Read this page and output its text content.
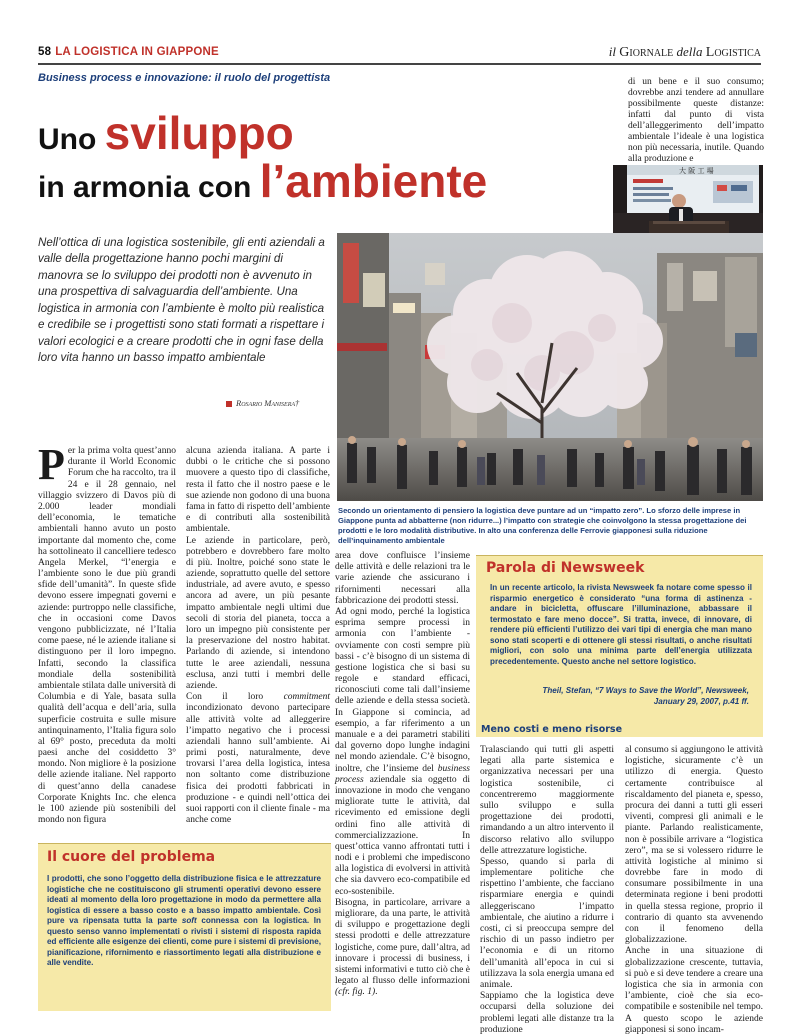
58 LA LOGISTICA IN GIAPPONE	il Giornale della Logistica
Business process e innovazione: il ruolo del progettista
Uno sviluppo
in armonia con l’ambiente
Nell’ottica di una logistica sostenibile, gli enti aziendali a valle della progettazione hanno pochi margini di manovra se lo sviluppo dei prodotti non è avvenuto in una prospettiva di salvaguardia dell’ambiente. Una logistica in armonia con l’ambiente è molto più realistica e credibile se i progettisti sono stati formati a rispettare i valori ecologici e a creare prodotti che in ogni fase della loro vita hanno un basso impatto ambientale
Rosario Manisera†
P er la prima volta quest’anno durante il World Economic Forum che ha raccolto, tra il 24 e il 28 gennaio, nel villaggio svizzero di Davos più di 2.000 leader mondiali dell’economia, le tematiche ambientali hanno avuto un posto importante dal momento che, come ha sottolineato il cancelliere tedesco Angela Merkel, “l’energia e l’ambiente sono le due più grandi sfide dell’umanità”. In queste sfide devono essere impegnati governi e aziende: purtroppo nelle classifiche, che in occasioni come Davos vengono pubblicizzate, né l’Italia come paese, né le aziende italiane si distinguono per il loro impegno. Infatti, secondo la classifica mondiale della sostenibilità ambientale stilata dalle università di Columbia e di Yale, basata sulla qualità dell’acqua e dell’aria, sulla superficie costruita e sulle misure antinquinamento, l’Italia figura solo al 69° posto, preceduta da molti paesi anche del cosiddetto 3° mondo. Non migliore è la posizione delle aziende italiane. Nel rapporto di quest’anno della canadese Corporate Knights Inc. che elenca le 100 aziende più sostenibili del mondo non figura

alcuna azienda italiana. A parte i dubbi o le critiche che si possono muovere a questo tipo di classifiche, resta il fatto che il nostro paese e le sue aziende non godono di una buona fama in fatto di rispetto dell’ambiente e di contributi alla sostenibilità ambientale.

Le aziende in particolare, però, potrebbero e dovrebbero fare molto di più. Inoltre, poiché sono state le aziende, soprattutto quelle del settore industriale, ad avere avuto, e spesso ancora ad avere, un più pesante impatto ambientale negli ultimi due secoli di storia del pianeta, tocca a loro un impegno più consistente per la preservazione del nostro habitat. Parlando di aziende, si intendono tutte le aree aziendali, nessuna esclusa, anzi tutti i membri delle aziende.

Con il loro commitment incondizionato devono partecipare alle attività volte ad alleggerire l’impatto negativo che i processi aziendali hanno sull’ambiente. Ai primi posti, naturalmente, deve trovarsi l’area della logistica, intesa non soltanto come distribuzione fisica dei prodotti fabbricati in produzione - e quindi nell’ottica dei suoi rapporti con il cliente finale - ma anche come

di un bene e il suo consumo; dovrebbe anzi tendere ad annullare possibilmente queste distanze: infatti dal punto di vista dell’alleggerimento dell’impatto ambientale l’ideale è una logistica non più necessaria, inutile. Quando alla produzione e
大 阪 工 場
Secondo un orientamento di pensiero la logistica deve puntare ad un “impatto zero”. Lo sforzo delle imprese in Giappone punta ad abbatterne (non ridurre...) l’impatto con strategie che coinvolgono la stessa progettazione dei prodotti e le loro modalità distributive. In alto una conferenza delle Ferrovie giapponesi sulla riduzione dell’inquinamento ambientale
Parola di Newsweek
In un recente articolo, la rivista Newsweek fa notare come spesso il risparmio energetico è considerato “una forma di astinenza - andare in bicicletta, offuscare l’illuminazione, abbassare il termostato e fare meno docce”. Si tratta, invece, di innovare, di rendere più efficienti l’utilizzo dei vari tipi di energia che man mano sono stati scoperti e di ottenere gli stessi risultati, o anche risultati migliori, con solo una minima parte dell’energia utilizzata precedentemente. Questo anche nel settore logistico.
Theil, Stefan, “7 Ways to Save the World”, Newsweek,
January 29, 2007, p.41 ff.

area dove confluisce l’insieme delle attività e delle relazioni tra le varie aziende che assicurano i rifornimenti necessari alla fabbricazione dei prodotti stessi.

Ad ogni modo, perché la logistica esprima sempre processi in armonia con l’ambiente - ovviamente con costi sempre più bassi - c’è bisogno di un sistema di gestione logistica che si basi su regole e standard efficaci, riconosciuti come tali dall’insieme delle aziende e della stessa società. In Giappone si comincia, ad esempio, a far riferimento a un manuale e a dei parametri stabiliti dal governo dopo lunghe indagini nel mondo aziendale. C’è bisogno, inoltre, che l’insieme del business process aziendale sia oggetto di innovazione in modo che vengano migliorate tutte le attività, dal ricevimento ed emissione degli ordini fino alle attività di commercializzazione. In quest’ottica vanno affrontati tutti i nodi e i problemi che impediscono alla logistica di evolversi in attività che sia davvero eco-compatibile ed eco-sostenibile.

Bisogna, in particolare, arrivare a migliorare, da una parte, le attività di sviluppo e progettazione degli stessi prodotti e delle attrezzature logistiche, come pure, dall’altra, ad innovare i processi di business, i sistemi informativi e tutto ciò che è legato al flusso delle informazioni (cfr. fig. 1).

Meno costi e meno risorse

Tralasciando qui tutti gli aspetti legati alla parte sistemica e organizzativa necessari per una logistica sostenibile, ci concentreremo maggiormente sullo sviluppo e sulla progettazione dei prodotti, rimandando a un altro intervento il discorso relativo allo sviluppo delle attrezzature logistiche.

Spesso, quando si parla di implementare politiche che rispettino l’ambiente, che facciano risparmiare energia e quindi alleggeriscano l’impatto ambientale, che aiutino a ridurre i costi, ci si preoccupa sempre del rischio di un passo indietro per l’economia e di un ritorno dell’umanità all’epoca in cui si utilizzava la sola energia umana ed animale.

Sappiamo che la logistica deve occuparsi della soluzione dei problemi legati alle distanze tra la produzione

al consumo si aggiungono le attività logistiche, sicuramente c’è un utilizzo di energia. Questo certamente contribuisce al riscaldamento del pianeta e, spesso, procura dei danni a tutti gli esseri viventi, compresi gli animali e le piante. Parlando realisticamente, non è possibile arrivare a “logistica zero”, ma se si volessero ridurre le attività logistiche al minimo si dovrebbe fare in modo di consumare possibilmente in una determinata regione i beni prodotti in quella stessa regione, proprio il contrario di quanto sta avvenendo con il fenomeno della globalizzazione.

Anche in una situazione di globalizzazione crescente, tuttavia, si può e si deve tendere a creare una logistica che sia in armonia con l’ambiente, cioè che sia eco-compatibile e sostenibile nel tempo. A questo scopo le aziende giapponesi si sono incam-

Il cuore del problema
I prodotti, che sono l’oggetto della distribuzione fisica e le attrezzature logistiche che ne costituiscono gli strumenti operativi devono essere ideati al momento della loro progettazione in modo da permettere alla logistica di essere a basso costo e a basso impatto ambientale. Così pure va ripensata tutta la parte soft connessa con la logistica. In questo senso vanno implementati o rivisti i sistemi di risposta rapida ed efficiente alle esigenze dei clienti, come pure i sistemi di previsione, pianificazione, rifornimento e riassortimento legati alla distribuzione e alle vendite.
